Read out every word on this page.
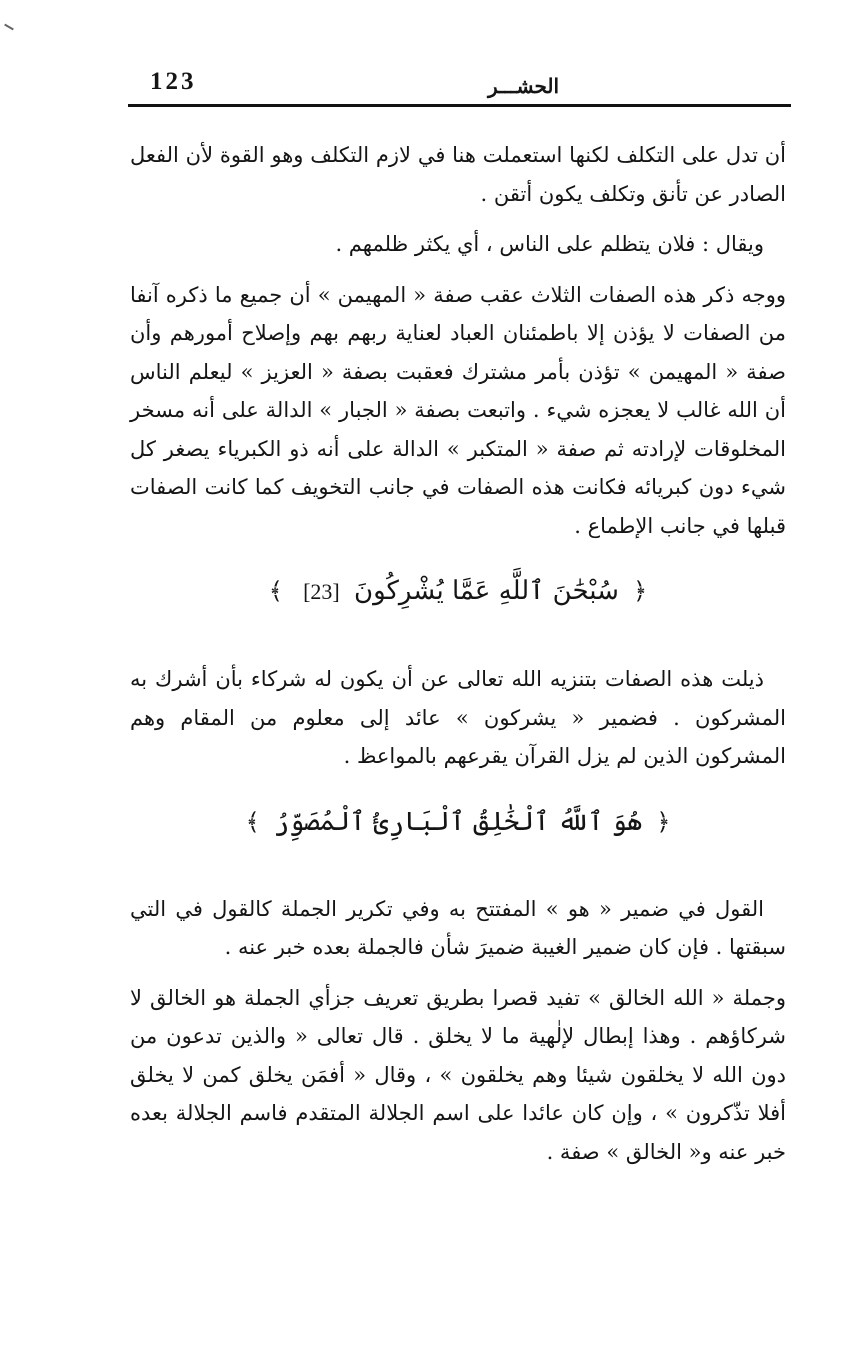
123	الحشـــر

أن تدل على التكلف لكنها استعملت هنا في لازم التكلف وهو القوة لأن الفعل الصادر عن تأنق وتكلف يكون أتقن .

ويقال : فلان يتظلم على الناس ، أي يكثر ظلمهم .

ووجه ذكر هذه الصفات الثلاث عقب صفة « المهيمن » أن جميع ما ذكره آنفا من الصفات لا يؤذن إلا باطمئنان العباد لعناية ربهم بهم وإصلاح أمورهم وأن صفة « المهيمن » تؤذن بأمر مشترك فعقبت بصفة « العزيز » ليعلم الناس أن الله غالب لا يعجزه شيء . واتبعت بصفة « الجبار » الدالة على أنه مسخر المخلوقات لإرادته ثم صفة « المتكبر » الدالة على أنه ذو الكبرياء يصغر كل شيء دون كبريائه فكانت هذه الصفات في جانب التخويف كما كانت الصفات قبلها في جانب الإطماع .

﴿ سُبْحَٰنَ ٱللَّهِ عَمَّا يُشْرِكُونَ [23] ﴾

ذيلت هذه الصفات بتنزيه الله تعالى عن أن يكون له شركاء بأن أشرك به المشركون . فضمير « يشركون » عائد إلى معلوم من المقام وهم المشركون الذين لم يزل القرآن يقرعهم بالمواعظ .

﴿ هُوَ ٱللَّهُ ٱلْخَٰلِقُ ٱلْبَارِئُ ٱلْمُصَوِّرُ ﴾

القول في ضمير « هو » المفتتح به وفي تكرير الجملة كالقول في التي سبقتها . فإن كان ضمير الغيبة ضميرَ شأن فالجملة بعده خبر عنه .

وجملة « الله الخالق » تفيد قصرا بطريق تعريف جزأي الجملة هو الخالق لا شركاؤهم . وهذا إبطال لإلٰهية ما لا يخلق . قال تعالى « والذين تدعون من دون الله لا يخلقون شيئا وهم يخلقون » ، وقال « أفمَن يخلق كمن لا يخلق أفلا تذّكرون » ، وإن كان عائدا على اسم الجلالة المتقدم فاسم الجلالة بعده خبر عنه و« الخالق » صفة .
